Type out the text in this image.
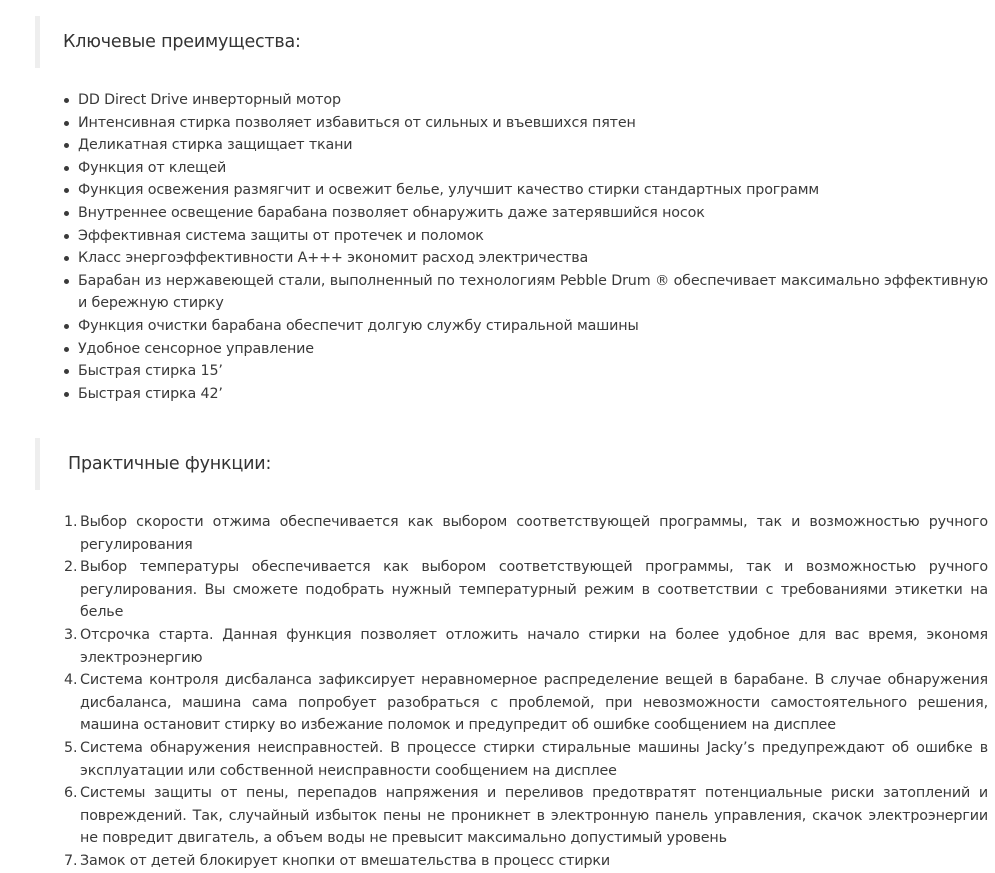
Ключевые преимущества:
DD Direct Drive инверторный мотор
Интенсивная стирка позволяет избавиться от сильных и въевшихся пятен
Деликатная стирка защищает ткани
Функция от клещей
Функция освежения размягчит и освежит белье, улучшит качество стирки стандартных программ
Внутреннее освещение барабана позволяет обнаружить даже затерявшийся носок
Эффективная система защиты от протечек и поломок
Класс энергоэффективности A+++ экономит расход электричества
Барабан из нержавеющей стали, выполненный по технологиям Pebble Drum ® обеспечивает максимально эффективную и бережную стирку
Функция очистки барабана обеспечит долгую службу стиральной машины
Удобное сенсорное управление
Быстрая стирка 15’
Быстрая стирка 42’
Практичные функции:
1. Выбор скорости отжима обеспечивается как выбором соответствующей программы, так и возможностью ручного регулирования
2. Выбор температуры обеспечивается как выбором соответствующей программы, так и возможностью ручного регулирования. Вы сможете подобрать нужный температурный режим в соответствии с требованиями этикетки на белье
3. Отсрочка старта. Данная функция позволяет отложить начало стирки на более удобное для вас время, экономя электроэнергию
4. Система контроля дисбаланса зафиксирует неравномерное распределение вещей в барабане. В случае обнаружения дисбаланса, машина сама попробует разобраться с проблемой, при невозможности самостоятельного решения, машина остановит стирку во избежание поломок и предупредит об ошибке сообщением на дисплее
5. Система обнаружения неисправностей. В процессе стирки стиральные машины Jacky’s предупреждают об ошибке в эксплуатации или собственной неисправности сообщением на дисплее
6. Системы защиты от пены, перепадов напряжения и переливов предотвратят потенциальные риски затоплений и повреждений. Так, случайный избыток пены не проникнет в электронную панель управления, скачок электроэнергии не повредит двигатель, а объем воды не превысит максимально допустимый уровень
7. Замок от детей блокирует кнопки от вмешательства в процесс стирки
